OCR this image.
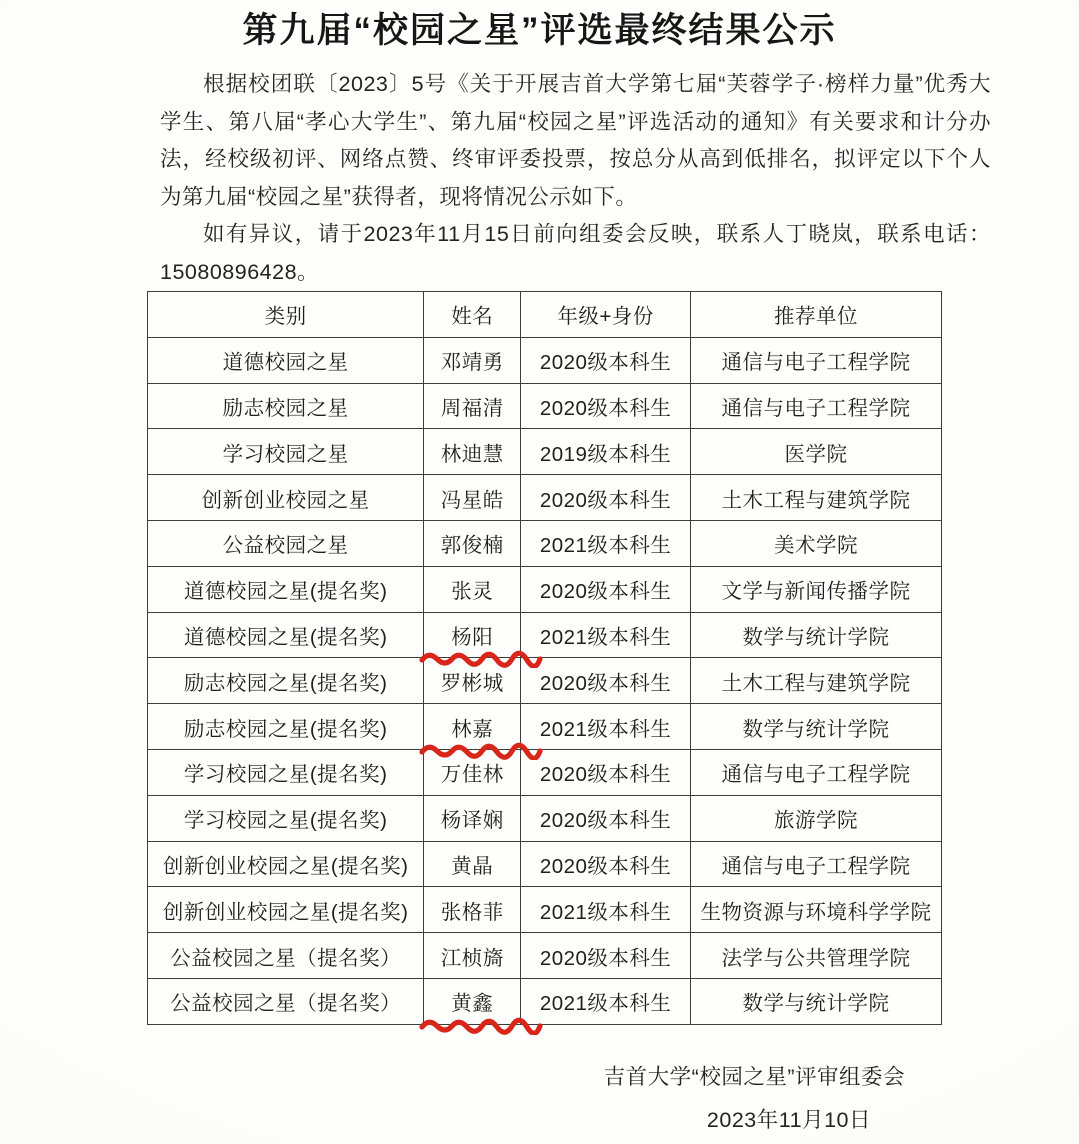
第九届“校园之星”评选最终结果公示

根据校团联〔2023〕5号《关于开展吉首大学第七届“芙蓉学子·榜样力量”优秀大学生、第八届“孝心大学生”、第九届“校园之星”评选活动的通知》有关要求和计分办法，经校级初评、网络点赞、终审评委投票，按总分从高到低排名，拟评定以下个人为第九届“校园之星”获得者，现将情况公示如下。

如有异议，请于2023年11月15日前向组委会反映，联系人丁晓岚，联系电话：15080896428。

类别	姓名	年级+身份	推荐单位
道德校园之星	邓靖勇	2020级本科生	通信与电子工程学院
励志校园之星	周福清	2020级本科生	通信与电子工程学院
学习校园之星	林迪慧	2019级本科生	医学院
创新创业校园之星	冯星皓	2020级本科生	土木工程与建筑学院
公益校园之星	郭俊楠	2021级本科生	美术学院
道德校园之星(提名奖)	张灵	2020级本科生	文学与新闻传播学院
道德校园之星(提名奖)	杨阳	2021级本科生	数学与统计学院
励志校园之星(提名奖)	罗彬城	2020级本科生	土木工程与建筑学院
励志校园之星(提名奖)	林嘉	2021级本科生	数学与统计学院
学习校园之星(提名奖)	万佳林	2020级本科生	通信与电子工程学院
学习校园之星(提名奖)	杨译娴	2020级本科生	旅游学院
创新创业校园之星(提名奖)	黄晶	2020级本科生	通信与电子工程学院
创新创业校园之星(提名奖)	张格菲	2021级本科生	生物资源与环境科学学院
公益校园之星（提名奖）	江桢旖	2020级本科生	法学与公共管理学院
公益校园之星（提名奖）	黄鑫	2021级本科生	数学与统计学院
吉首大学“校园之星”评审组委会
2023年11月10日
